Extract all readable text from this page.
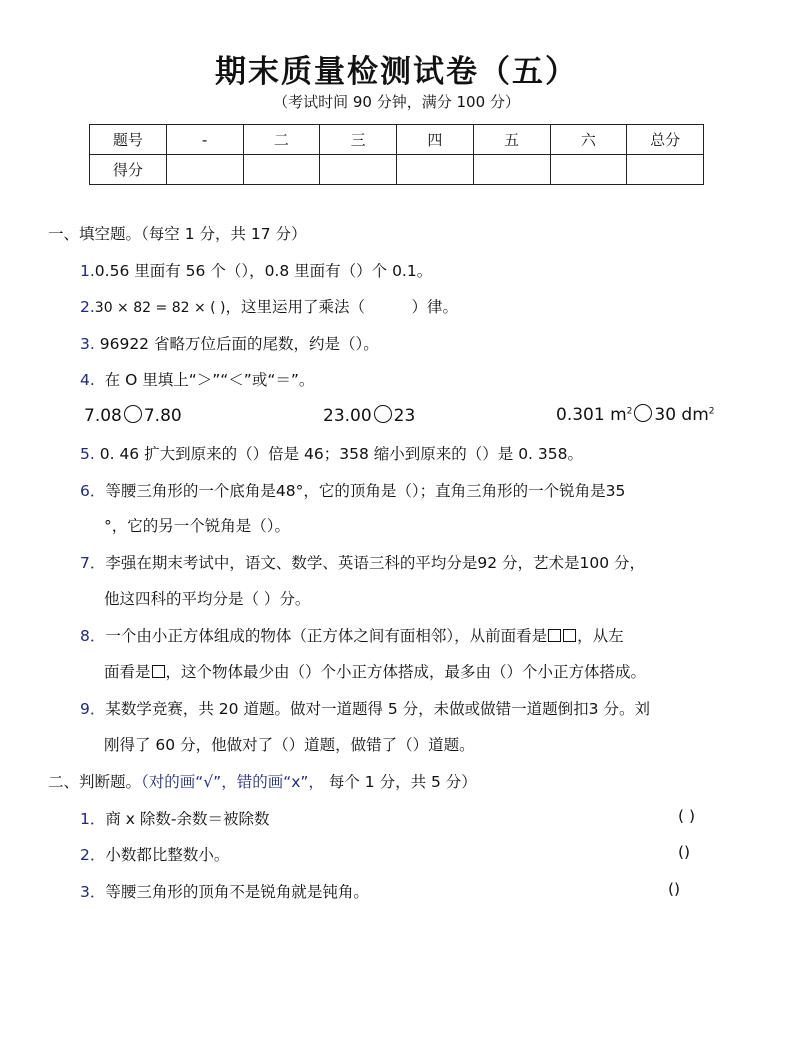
期末质量检测试卷（五）
（考试时间 90 分钟，满分 100 分）
题号	-	二	三	四	五	六	总分
得分							
一、填空题。（每空 1 分，共 17 分）
1.0.56 里面有 56 个（），0.8 里面有（）个 0.1。
2.30 × 82 = 82 × ( )，这里运用了乘法（　　　）律。
3. 96922 省略万位后面的尾数，约是（）。
4. 在 O 里填上“＞”“＜”或“＝”。
7.08 7.80	23.00 23	0.301 $m^2$ 30 $dm^2$
5. 0. 46 扩大到原来的（）倍是 46；358 缩小到原来的（）是 0. 358。
6．等腰三角形的一个底角是48°，它的顶角是（）；直角三角形的一个锐角是35
°，它的另一个锐角是（）。
7．李强在期末考试中，语文、数学、英语三科的平均分是92 分，艺术是100 分，
他这四科的平均分是（ ）分。
8．一个由小正方体组成的物体（正方体之间有面相邻），从前面看是 ，从左
面看是 ，这个物体最少由（）个小正方体搭成，最多由（）个小正方体搭成。
9．某数学竞赛，共 20 道题。做对一道题得 5 分，未做或做错一道题倒扣3 分。刘
刚得了 60 分，他做对了（）道题，做错了（）道题。
二、判断题。（对的画“√”，错的画“x”， 每个 1 分，共 5 分）
1．商 x 除数-余数＝被除数	( )
2．小数都比整数小。	()
3．等腰三角形的顶角不是锐角就是钝角。	()
